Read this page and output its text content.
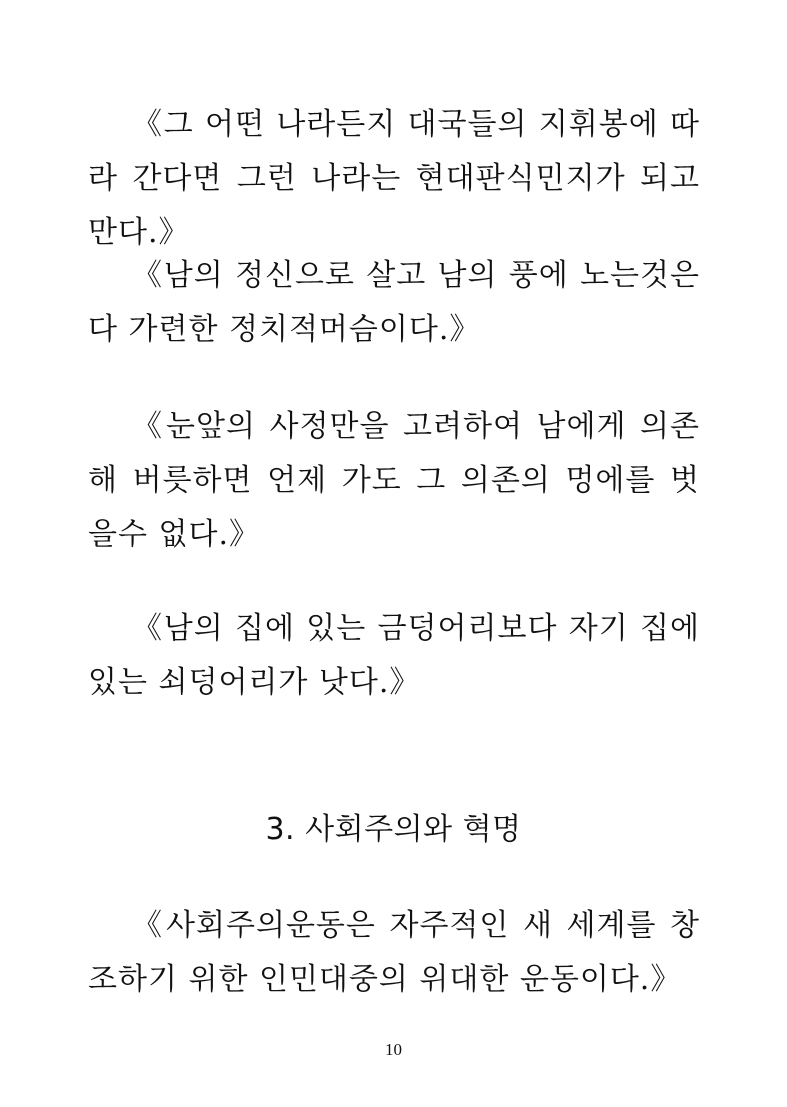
《그 어떤 나라든지 대국들의 지휘봉에 따라 간다면 그런 나라는 현대판식민지가 되고만다.》

《남의 정신으로 살고 남의 풍에 노는것은 다 가련한 정치적머슴이다.》

《눈앞의 사정만을 고려하여 남에게 의존해 버릇하면 언제 가도 그 의존의 멍에를 벗을수 없다.》

《남의 집에 있는 금덩어리보다 자기 집에 있는 쇠덩어리가 낫다.》

3. 사회주의와 혁명

《사회주의운동은 자주적인 새 세계를 창조하기 위한 인민대중의 위대한 운동이다.》

10
